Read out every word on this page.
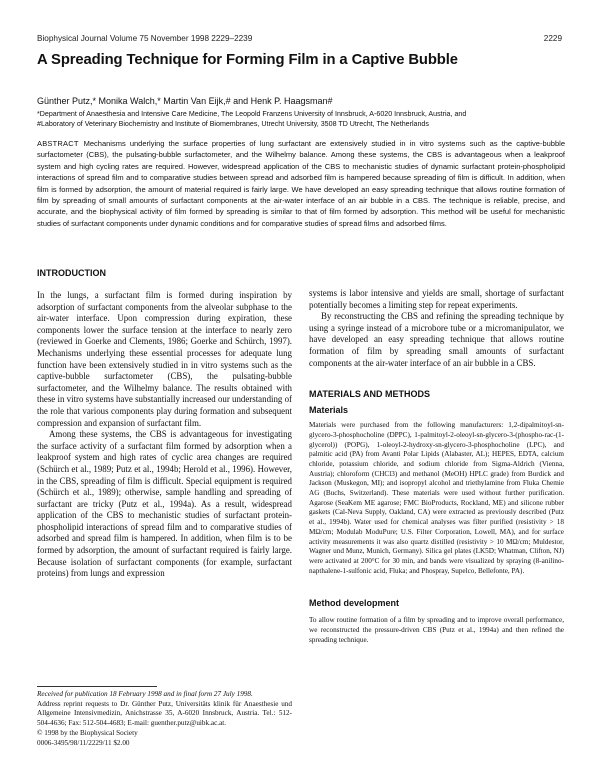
Biophysical Journal Volume 75 November 1998 2229–2239	2229
A Spreading Technique for Forming Film in a Captive Bubble
Günther Putz,* Monika Walch,* Martin Van Eijk,# and Henk P. Haagsman#
*Department of Anaesthesia and Intensive Care Medicine, The Leopold Franzens University of Innsbruck, A-6020 Innsbruck, Austria, and
#Laboratory of Veterinary Biochemistry and Institute of Biomembranes, Utrecht University, 3508 TD Utrecht, The Netherlands
ABSTRACT Mechanisms underlying the surface properties of lung surfactant are extensively studied in in vitro systems such as the captive-bubble surfactometer (CBS), the pulsating-bubble surfactometer, and the Wilhelmy balance. Among these systems, the CBS is advantageous when a leakproof system and high cycling rates are required. However, widespread application of the CBS to mechanistic studies of dynamic surfactant protein-phospholipid interactions of spread film and to comparative studies between spread and adsorbed film is hampered because spreading of film is difficult. In addition, when film is formed by adsorption, the amount of material required is fairly large. We have developed an easy spreading technique that allows routine formation of film by spreading of small amounts of surfactant components at the air-water interface of an air bubble in a CBS. The technique is reliable, precise, and accurate, and the biophysical activity of film formed by spreading is similar to that of film formed by adsorption. This method will be useful for mechanistic studies of surfactant components under dynamic conditions and for comparative studies of spread films and adsorbed films.
INTRODUCTION

In the lungs, a surfactant film is formed during inspiration by adsorption of surfactant components from the alveolar subphase to the air-water interface. Upon compression during expiration, these components lower the surface tension at the interface to nearly zero (reviewed in Goerke and Clements, 1986; Goerke and Schürch, 1997). Mechanisms underlying these essential processes for adequate lung function have been extensively studied in in vitro systems such as the captive-bubble surfactometer (CBS), the pulsating-bubble surfactometer, and the Wilhelmy balance. The results obtained with these in vitro systems have substantially increased our understanding of the role that various components play during formation and subsequent compression and expansion of surfactant film.

Among these systems, the CBS is advantageous for investigating the surface activity of a surfactant film formed by adsorption when a leakproof system and high rates of cyclic area changes are required (Schürch et al., 1989; Putz et al., 1994b; Herold et al., 1996). However, in the CBS, spreading of film is difficult. Special equipment is required (Schürch et al., 1989); otherwise, sample handling and spreading of surfactant are tricky (Putz et al., 1994a). As a result, widespread application of the CBS to mechanistic studies of surfactant protein-phospholipid interactions of spread film and to comparative studies of adsorbed and spread film is hampered. In addition, when film is to be formed by adsorption, the amount of surfactant required is fairly large. Because isolation of surfactant components (for example, surfactant proteins) from lungs and expression

systems is labor intensive and yields are small, shortage of surfactant potentially becomes a limiting step for repeat experiments.

By reconstructing the CBS and refining the spreading technique by using a syringe instead of a microbore tube or a micromanipulator, we have developed an easy spreading technique that allows routine formation of film by spreading small amounts of surfactant components at the air-water interface of an air bubble in a CBS.

MATERIALS AND METHODS
Materials

Materials were purchased from the following manufacturers: 1,2-dipalmitoyl-sn-glycero-3-phosphocholine (DPPC), 1-palmitoyl-2-oleoyl-sn-glycero-3-(phospho-rac-(1-glycerol)) (POPG), 1-oleoyl-2-hydroxy-sn-glycero-3-phosphocholine (LPC), and palmitic acid (PA) from Avanti Polar Lipids (Alabaster, AL); HEPES, EDTA, calcium chloride, potassium chloride, and sodium chloride from Sigma-Aldrich (Vienna, Austria); chloroform (CHCl3) and methanol (MeOH) HPLC grade) from Burdick and Jackson (Muskegon, MI); and isopropyl alcohol and triethylamine from Fluka Chemie AG (Buchs, Switzerland). These materials were used without further purification. Agarose (SeaKem ME agarose; FMC BioProducts, Rockland, ME) and silicone rubber gaskets (Cal-Neva Supply, Oakland, CA) were extracted as previously described (Putz et al., 1994b). Water used for chemical analyses was filter purified (resistivity > 18 MΩ/cm; Modulab ModuPure; U.S. Filter Corporation, Lowell, MA), and for surface activity measurements it was also quartz distilled (resistivity > 10 MΩ/cm; Muldestor, Wagner und Munz, Munich, Germany). Silica gel plates (LK5D; Whatman, Clifton, NJ) were activated at 200°C for 30 min, and bands were visualized by spraying (8-anilino-napthalene-1-sulfonic acid, Fluka; and Phospray, Supelco, Bellefonte, PA).

Method development

To allow routine formation of a film by spreading and to improve overall performance, we reconstructed the pressure-driven CBS (Putz et al., 1994a) and then refined the spreading technique.

Received for publication 18 February 1998 and in final form 27 July 1998.

Address reprint requests to Dr. Günther Putz, Universitäts klinik für Anaesthesie und Allgemeine Intensivmedizin, Anichstrasse 35, A-6020 Innsbruck, Austria. Tel.: 512-504-4636; Fax: 512-504-4683; E-mail: guenther.putz@uibk.ac.at.

© 1998 by the Biophysical Society

0006-3495/98/11/2229/11 $2.00
